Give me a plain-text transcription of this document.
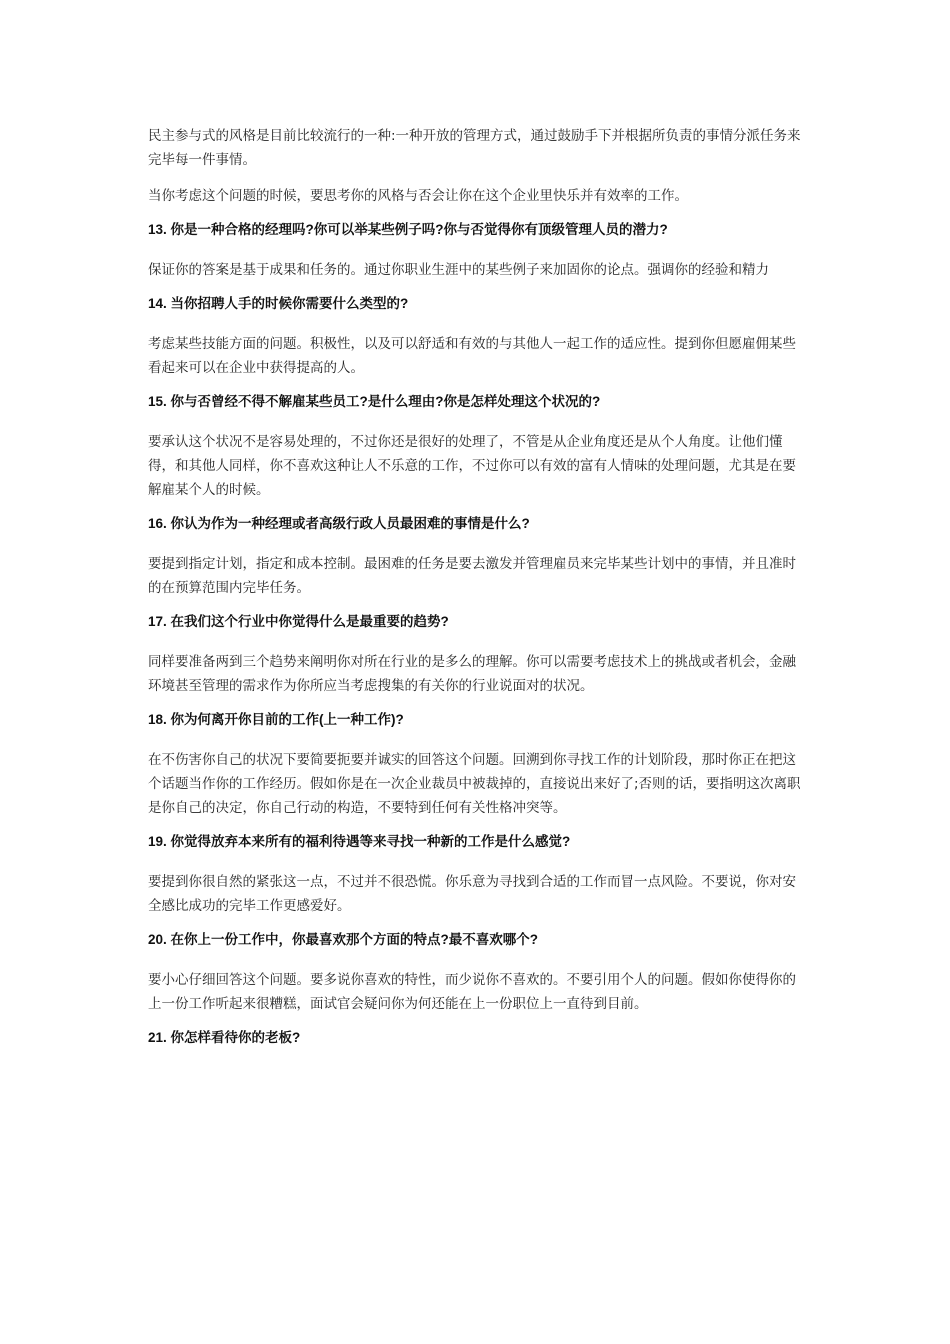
民主参与式的风格是目前比较流行的一种:一种开放的管理方式，通过鼓励手下并根据所负责的事情分派任务来完毕每一件事情。

当你考虑这个问题的时候，要思考你的风格与否会让你在这个企业里快乐并有效率的工作。

13. 你是一种合格的经理吗?你可以举某些例子吗?你与否觉得你有顶级管理人员的潜力?

保证你的答案是基于成果和任务的。通过你职业生涯中的某些例子来加固你的论点。强调你的经验和精力

14. 当你招聘人手的时候你需要什么类型的?

考虑某些技能方面的问题。积极性，以及可以舒适和有效的与其他人一起工作的适应性。提到你但愿雇佣某些看起来可以在企业中获得提高的人。

15. 你与否曾经不得不解雇某些员工?是什么理由?你是怎样处理这个状况的?

要承认这个状况不是容易处理的，不过你还是很好的处理了，不管是从企业角度还是从个人角度。让他们懂得，和其他人同样，你不喜欢这种让人不乐意的工作，不过你可以有效的富有人情味的处理问题，尤其是在要解雇某个人的时候。

16. 你认为作为一种经理或者高级行政人员最困难的事情是什么?

要提到指定计划，指定和成本控制。最困难的任务是要去激发并管理雇员来完毕某些计划中的事情，并且准时的在预算范围内完毕任务。

17. 在我们这个行业中你觉得什么是最重要的趋势?

同样要准备两到三个趋势来阐明你对所在行业的是多么的理解。你可以需要考虑技术上的挑战或者机会，金融环境甚至管理的需求作为你所应当考虑搜集的有关你的行业说面对的状况。

18. 你为何离开你目前的工作(上一种工作)?

在不伤害你自己的状况下要简要扼要并诚实的回答这个问题。回溯到你寻找工作的计划阶段，那时你正在把这个话题当作你的工作经历。假如你是在一次企业裁员中被裁掉的，直接说出来好了;否则的话，要指明这次离职是你自己的决定，你自己行动的构造，不要特到任何有关性格冲突等。

19. 你觉得放弃本来所有的福利待遇等来寻找一种新的工作是什么感觉?

要提到你很自然的紧张这一点，不过并不很恐慌。你乐意为寻找到合适的工作而冒一点风险。不要说，你对安全感比成功的完毕工作更感爱好。

20. 在你上一份工作中，你最喜欢那个方面的特点?最不喜欢哪个?

要小心仔细回答这个问题。要多说你喜欢的特性，而少说你不喜欢的。不要引用个人的问题。假如你使得你的上一份工作听起来很糟糕，面试官会疑问你为何还能在上一份职位上一直待到目前。

21. 你怎样看待你的老板?
